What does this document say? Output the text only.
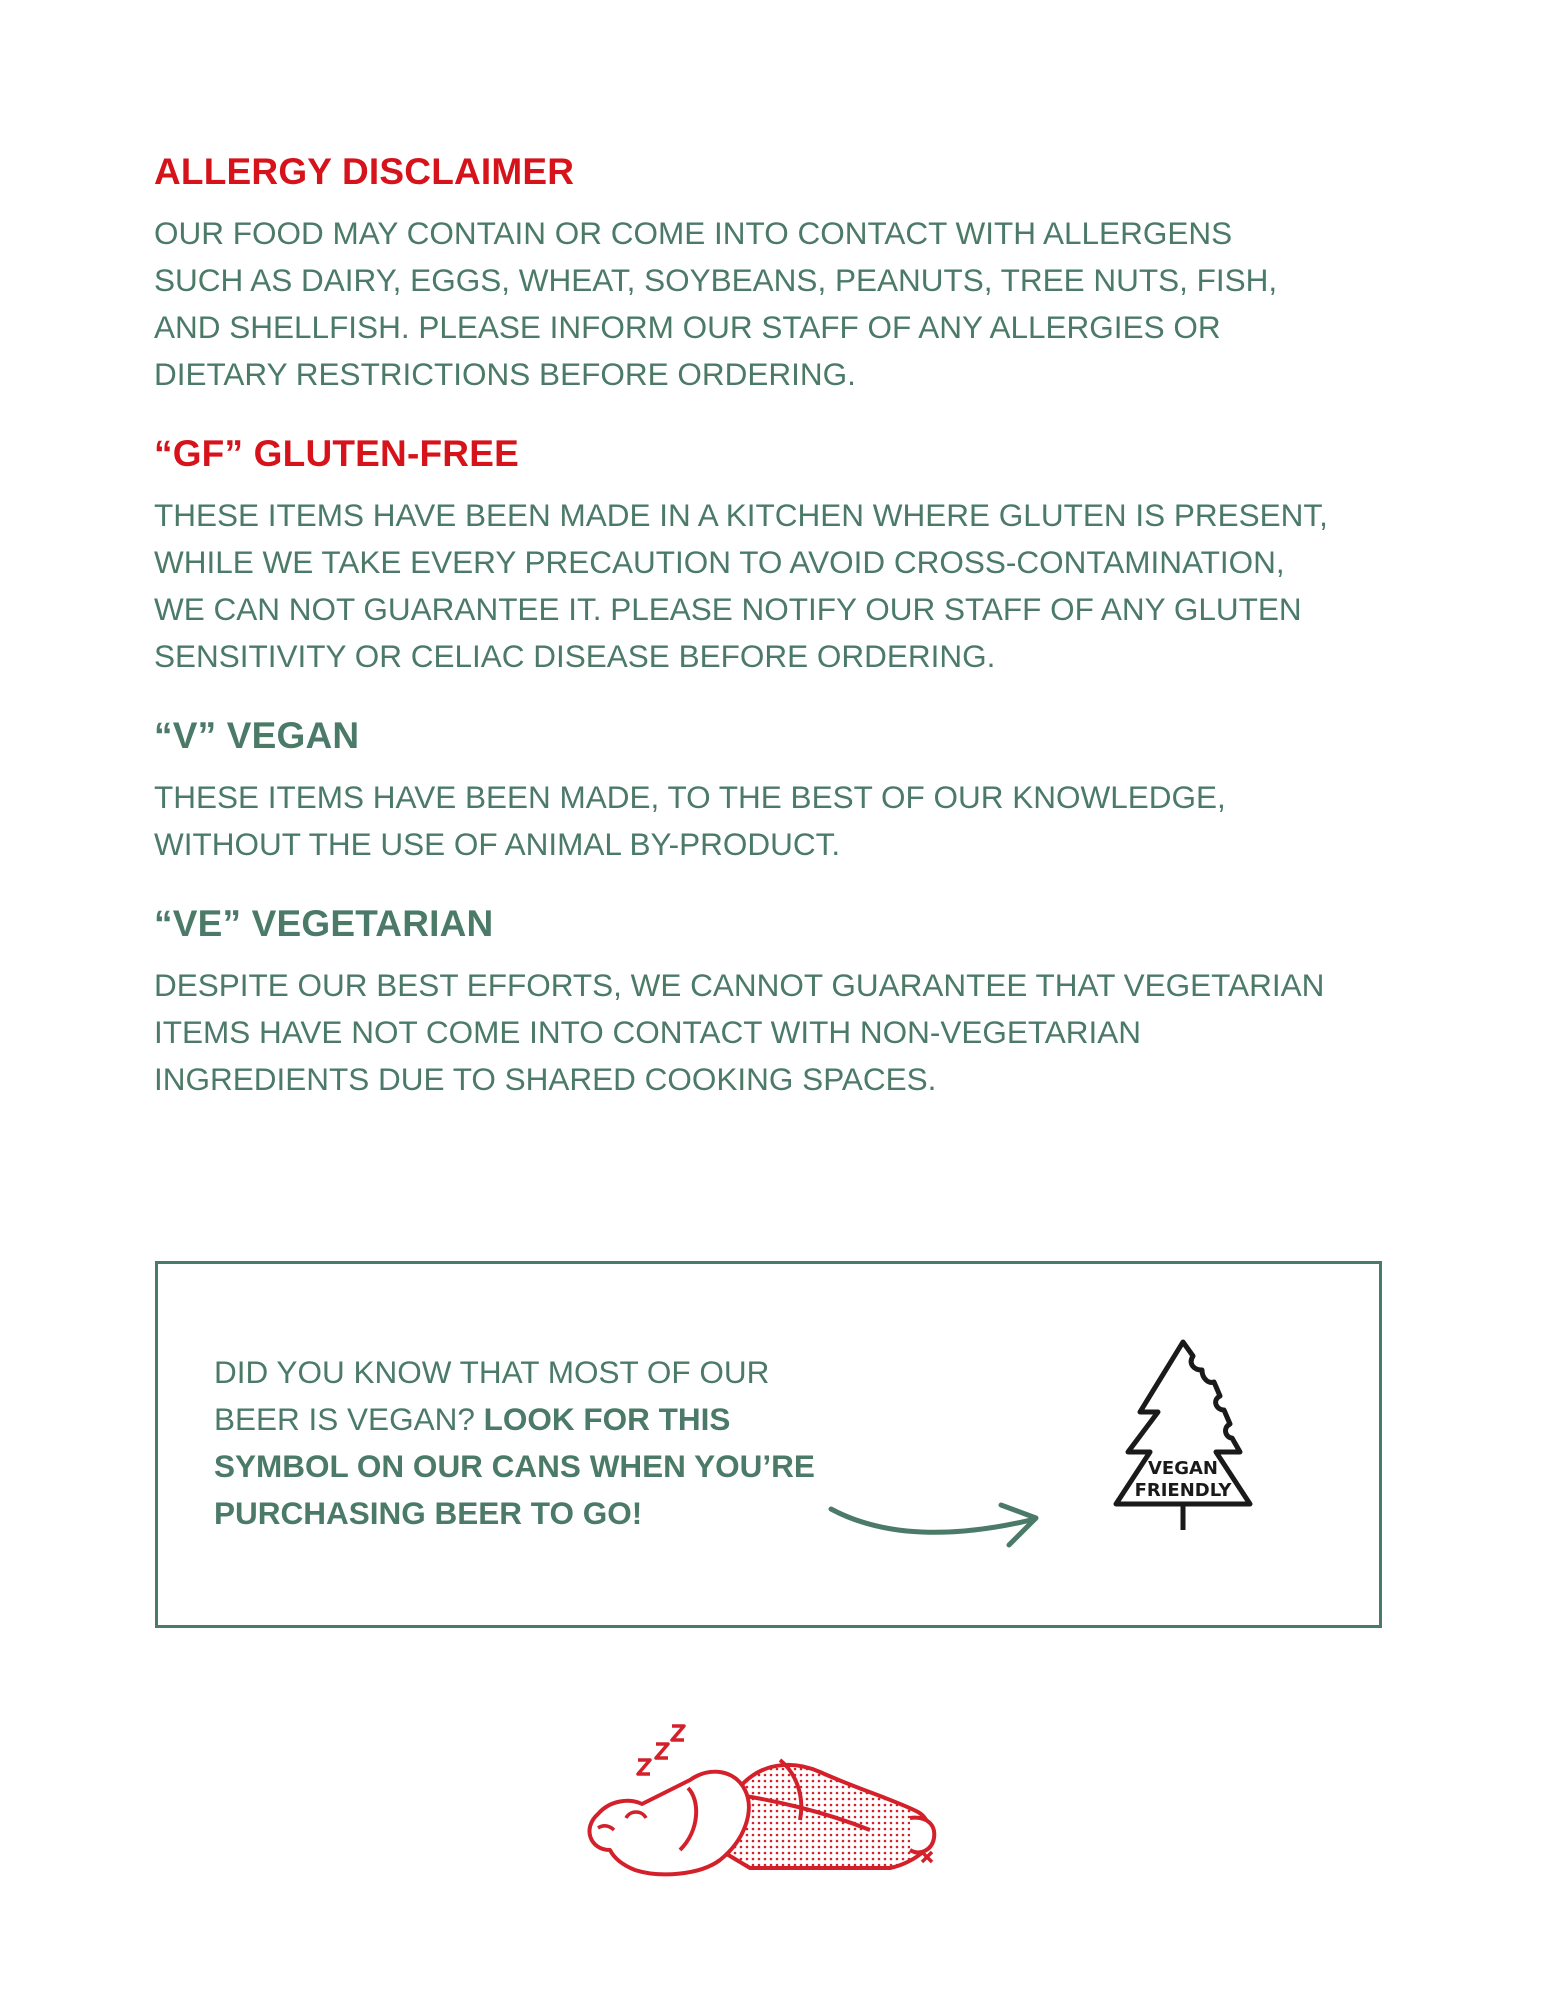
ALLERGY DISCLAIMER

OUR FOOD MAY CONTAIN OR COME INTO CONTACT WITH ALLERGENS
SUCH AS DAIRY, EGGS, WHEAT, SOYBEANS, PEANUTS, TREE NUTS, FISH,
AND SHELLFISH. PLEASE INFORM OUR STAFF OF ANY ALLERGIES OR
DIETARY RESTRICTIONS BEFORE ORDERING.

“GF” GLUTEN-FREE

THESE ITEMS HAVE BEEN MADE IN A KITCHEN WHERE GLUTEN IS PRESENT,
WHILE WE TAKE EVERY PRECAUTION TO AVOID CROSS-CONTAMINATION,
WE CAN NOT GUARANTEE IT. PLEASE NOTIFY OUR STAFF OF ANY GLUTEN
SENSITIVITY OR CELIAC DISEASE BEFORE ORDERING.

“V” VEGAN

THESE ITEMS HAVE BEEN MADE, TO THE BEST OF OUR KNOWLEDGE,
WITHOUT THE USE OF ANIMAL BY-PRODUCT.

“VE” VEGETARIAN

DESPITE OUR BEST EFFORTS, WE CANNOT GUARANTEE THAT VEGETARIAN
ITEMS HAVE NOT COME INTO CONTACT WITH NON-VEGETARIAN
INGREDIENTS DUE TO SHARED COOKING SPACES.

DID YOU KNOW THAT MOST OF OUR BEER IS VEGAN? LOOK FOR THIS SYMBOL ON OUR CANS WHEN YOU’RE PURCHASING BEER TO GO!

VEGAN
FRIENDLY
